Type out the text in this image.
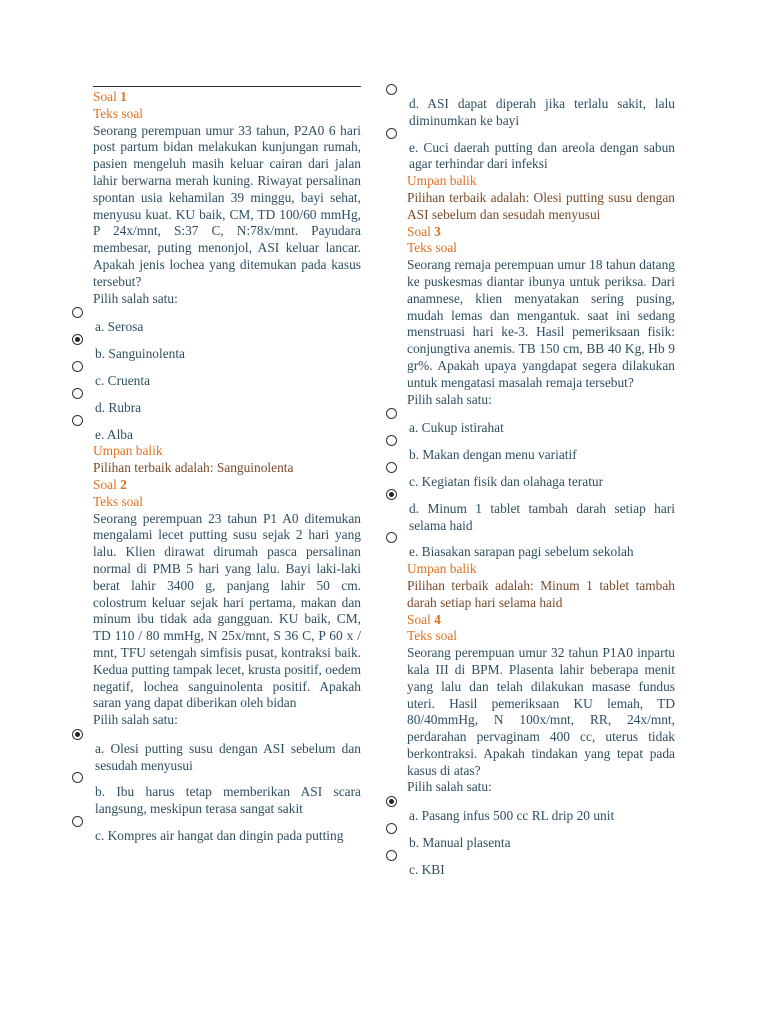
Soal 1
Teks soal
Seorang perempuan umur 33 tahun, P2A0 6 hari post partum bidan melakukan kunjungan rumah, pasien mengeluh masih keluar cairan dari jalan lahir berwarna merah kuning. Riwayat persalinan spontan usia kehamilan 39 minggu, bayi sehat, menyusu kuat. KU baik, CM, TD 100/60 mmHg, P 24x/mnt, S:37 C, N:78x/mnt. Payudara membesar, puting menonjol, ASI keluar lancar. Apakah jenis lochea yang ditemukan pada kasus tersebut?
Pilih salah satu:
a. Serosa
b. Sanguinolenta
c. Cruenta
d. Rubra
e. Alba
Umpan balik
Pilihan terbaik adalah: Sanguinolenta
Soal 2
Teks soal
Seorang perempuan 23 tahun P1 A0 ditemukan mengalami lecet putting susu sejak 2 hari yang lalu. Klien dirawat dirumah pasca persalinan normal di PMB 5 hari yang lalu. Bayi laki-laki berat lahir 3400 g, panjang lahir 50 cm. colostrum keluar sejak hari pertama, makan dan minum ibu tidak ada gangguan. KU baik, CM, TD 110 / 80 mmHg, N 25x/mnt, S 36 C, P 60 x / mnt, TFU setengah simfisis pusat, kontraksi baik. Kedua putting tampak lecet, krusta positif, oedem negatif, lochea sanguinolenta positif. Apakah saran yang dapat diberikan oleh bidan
Pilih salah satu:
a. Olesi putting susu dengan ASI sebelum dan sesudah menyusui
b. Ibu harus tetap memberikan ASI scara langsung, meskipun terasa sangat sakit
c. Kompres air hangat dan dingin pada putting
d. ASI dapat diperah jika terlalu sakit, lalu diminumkan ke bayi
e. Cuci daerah putting dan areola dengan sabun agar terhindar dari infeksi
Umpan balik
Pilihan terbaik adalah: Olesi putting susu dengan ASI sebelum dan sesudah menyusui
Soal 3
Teks soal
Seorang remaja perempuan umur 18 tahun datang ke puskesmas diantar ibunya untuk periksa. Dari anamnese, klien menyatakan sering pusing, mudah lemas dan mengantuk. saat ini sedang menstruasi hari ke-3. Hasil pemeriksaan fisik: conjungtiva anemis. TB 150 cm, BB 40 Kg, Hb 9 gr%. Apakah upaya yangdapat segera dilakukan untuk mengatasi masalah remaja tersebut?
Pilih salah satu:
a. Cukup istirahat
b. Makan dengan menu variatif
c. Kegiatan fisik dan olahaga teratur
d. Minum 1 tablet tambah darah setiap hari selama haid
e. Biasakan sarapan pagi sebelum sekolah
Umpan balik
Pilihan terbaik adalah: Minum 1 tablet tambah darah setiap hari selama haid
Soal 4
Teks soal
Seorang perempuan umur 32 tahun P1A0 inpartu kala III di BPM. Plasenta lahir beberapa menit yang lalu dan telah dilakukan masase fundus uteri. Hasil pemeriksaan KU lemah, TD 80/40mmHg, N 100x/mnt, RR, 24x/mnt, perdarahan pervaginam 400 cc, uterus tidak berkontraksi. Apakah tindakan yang tepat pada kasus di atas?
Pilih salah satu:
a. Pasang infus 500 cc RL drip 20 unit
b. Manual plasenta
c. KBI
